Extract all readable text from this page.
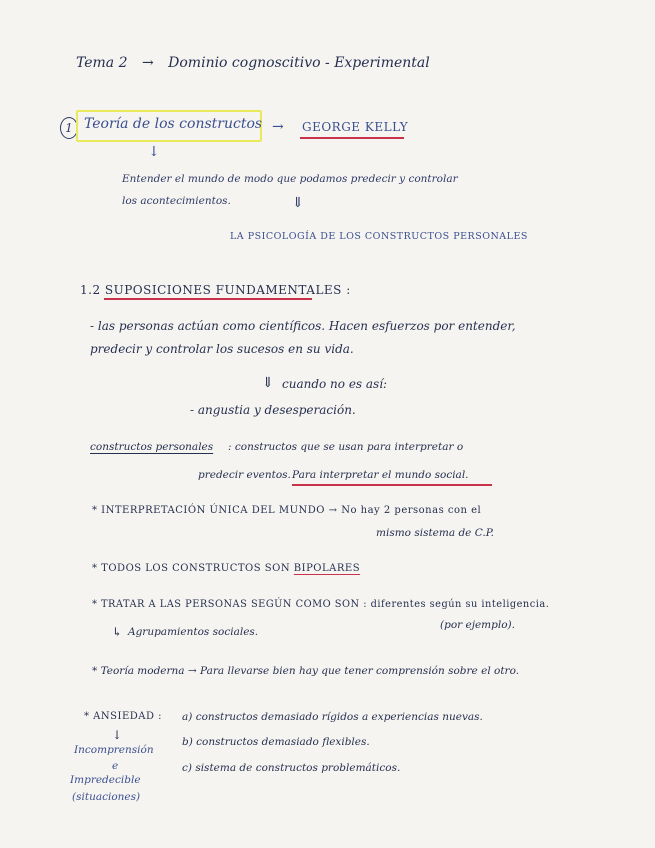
Tema 2 → Dominio cognoscitivo - Experimental
1 Teoría de los constructos → GEORGE KELLY
↓
Entender el mundo de modo que podamos predecir y controlar
los acontecimientos.	⇓
LA PSICOLOGÍA DE LOS CONSTRUCTOS PERSONALES
1.2 SUPOSICIONES FUNDAMENTALES :
- las personas actúan como científicos. Hacen esfuerzos por entender,
predecir y controlar los sucesos en su vida.
⇓ cuando no es así:
- angustia y desesperación.
constructos personales : constructos que se usan para interpretar o
predecir eventos. Para interpretar el mundo social.
* INTERPRETACIÓN ÚNICA DEL MUNDO → No hay 2 personas con el
mismo sistema de C.P.
* TODOS LOS CONSTRUCTOS SON BIPOLARES
* TRATAR A LAS PERSONAS SEGÚN COMO SON : diferentes según su inteligencia.
(por ejemplo).
↳ Agrupamientos sociales.
* Teoría moderna → Para llevarse bien hay que tener comprensión sobre el otro.
* ANSIEDAD : a) constructos demasiado rígidos a experiencias nuevas.
b) constructos demasiado flexibles.
c) sistema de constructos problemáticos.
↓
Incomprensión
e
Impredecible
(situaciones)
